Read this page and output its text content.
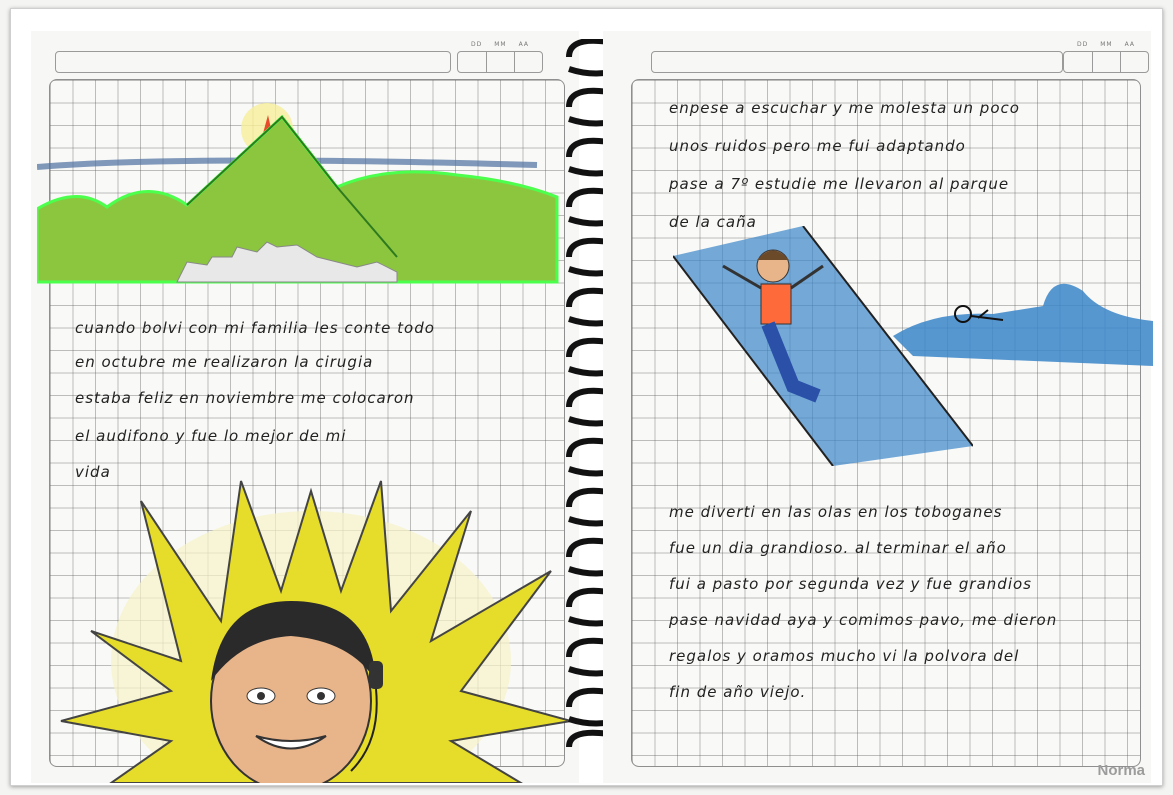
DD MM AA
cuando bolvi con mi familia les conte todo
en octubre me realizaron la cirugia
estaba feliz en noviembre me colocaron
el audifono y fue lo mejor de mi
vida
DD MM AA
enpese a escuchar y me molesta un poco
unos ruidos pero me fui adaptando
pase a 7º estudie me llevaron al parque
de la caña
me diverti en las olas en los toboganes
fue un dia grandioso. al terminar el año
fui a pasto por segunda vez y fue grandios
pase navidad aya y comimos pavo, me dieron
regalos y oramos mucho vi la polvora del
fin de año viejo.
Norma
